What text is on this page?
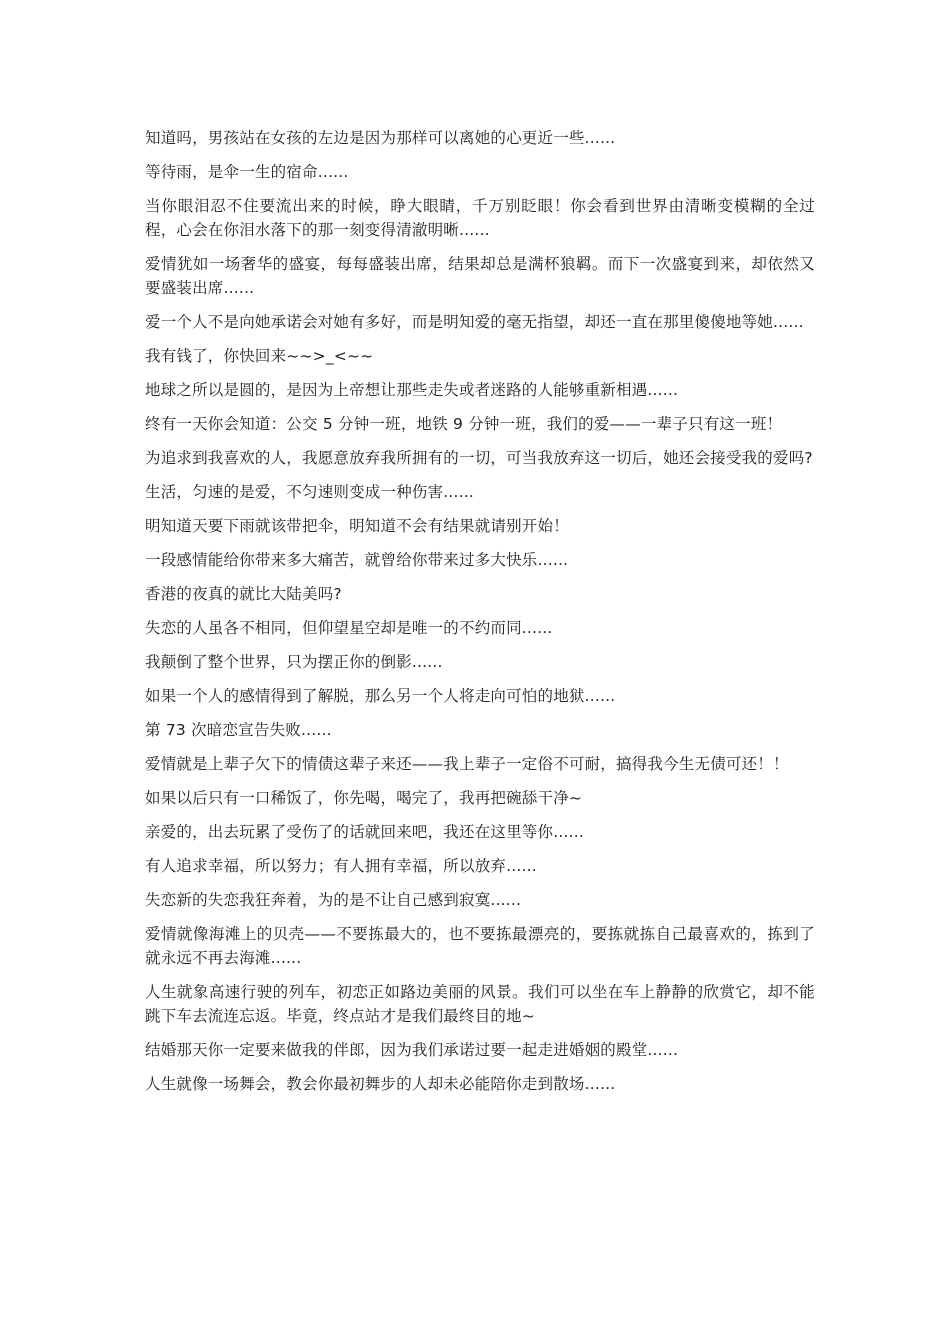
知道吗，男孩站在女孩的左边是因为那样可以离她的心更近一些......

等待雨，是伞一生的宿命......

当你眼泪忍不住要流出来的时候，睁大眼睛，千万别眨眼！你会看到世界由清晰变模糊的全过程，心会在你泪水落下的那一刻变得清澈明晰......

爱情犹如一场奢华的盛宴，每每盛装出席，结果却总是满杯狼羁。而下一次盛宴到来，却依然又要盛装出席......

爱一个人不是向她承诺会对她有多好，而是明知爱的毫无指望，却还一直在那里傻傻地等她......

我有钱了，你快回来~~>_<~~

地球之所以是圆的，是因为上帝想让那些走失或者迷路的人能够重新相遇......

终有一天你会知道：公交 5 分钟一班，地铁 9 分钟一班，我们的爱——一辈子只有这一班！

为追求到我喜欢的人，我愿意放弃我所拥有的一切，可当我放弃这一切后，她还会接受我的爱吗?

生活，匀速的是爱，不匀速则变成一种伤害......

明知道天要下雨就该带把伞，明知道不会有结果就请别开始！

一段感情能给你带来多大痛苦，就曾给你带来过多大快乐......

香港的夜真的就比大陆美吗?

失恋的人虽各不相同，但仰望星空却是唯一的不约而同......

我颠倒了整个世界，只为摆正你的倒影......

如果一个人的感情得到了解脱，那么另一个人将走向可怕的地狱......

第 73 次暗恋宣告失败......

爱情就是上辈子欠下的情债这辈子来还——我上辈子一定俗不可耐，搞得我今生无债可还！！

如果以后只有一口稀饭了，你先喝，喝完了，我再把碗舔干净~

亲爱的，出去玩累了受伤了的话就回来吧，我还在这里等你......

有人追求幸福，所以努力；有人拥有幸福，所以放弃......

失恋新的失恋我狂奔着，为的是不让自己感到寂寞......

爱情就像海滩上的贝壳——不要拣最大的，也不要拣最漂亮的，要拣就拣自己最喜欢的，拣到了就永远不再去海滩......

人生就象高速行驶的列车，初恋正如路边美丽的风景。我们可以坐在车上静静的欣赏它，却不能跳下车去流连忘返。毕竟，终点站才是我们最终目的地~

结婚那天你一定要来做我的伴郎，因为我们承诺过要一起走进婚姻的殿堂......

人生就像一场舞会，教会你最初舞步的人却未必能陪你走到散场......
